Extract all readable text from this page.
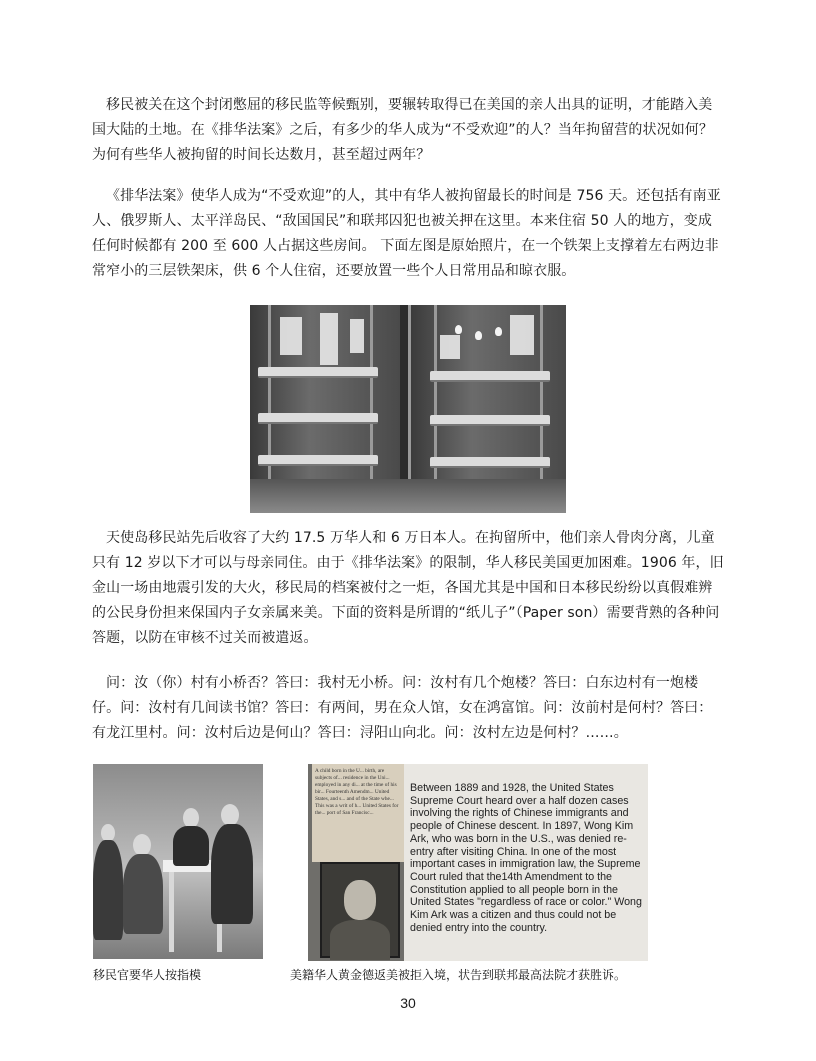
移民被关在这个封闭憋屈的移民监等候甄别，要辗转取得已在美国的亲人出具的证明，才能踏入美国大陆的土地。在《排华法案》之后，有多少的华人成为“不受欢迎”的人？当年拘留营的状况如何？为何有些华人被拘留的时间长达数月，甚至超过两年？

《排华法案》使华人成为“不受欢迎”的人，其中有华人被拘留最长的时间是 756 天。还包括有南亚人、俄罗斯人、太平洋岛民、“敌国国民”和联邦囚犯也被关押在这里。本来住宿 50 人的地方，变成任何时候都有 200 至 600 人占据这些房间。 下面左图是原始照片，在一个铁架上支撑着左右两边非常窄小的三层铁架床，供 6 个人住宿，还要放置一些个人日常用品和晾衣服。

天使岛移民站先后收容了大约 17.5 万华人和 6 万日本人。在拘留所中，他们亲人骨肉分离，儿童只有 12 岁以下才可以与母亲同住。由于《排华法案》的限制，华人移民美国更加困难。1906 年，旧金山一场由地震引发的大火，移民局的档案被付之一炬，各国尤其是中国和日本移民纷纷以真假难辨的公民身份担来保国内子女亲属来美。下面的资料是所谓的“纸儿子”（Paper son）需要背熟的各种问答题，以防在审核不过关而被遣返。

问：汝（你）村有小桥否？答曰：我村无小桥。问：汝村有几个炮楼？答曰：白东边村有一炮楼仔。问：汝村有几间读书馆？答曰：有两间，男在众人馆，女在鸿富馆。问：汝前村是何村？答曰：有龙江里村。问：汝村后边是何山？答曰：浔阳山向北。问：汝村左边是何村？……。

A child born in the U... birth, are subjects of... residence in the Uni... employed in any di... at the time of his bir... Fourteenth Amendm... United States, and s... and of the State whe... This was a writ of h... United States for the... port of San Francisc...

Between 1889 and 1928, the United States Supreme Court heard over a half dozen cases involving the rights of Chinese immigrants and people of Chinese descent. In 1897, Wong Kim Ark, who was born in the U.S., was denied re-entry after visiting China. In one of the most important cases in immigration law, the Supreme Court ruled that the14th Amendment to the Constitution applied to all people born in the United States "regardless of race or color." Wong Kim Ark was a citizen and thus could not be denied entry into the country.

移民官要华人按指模	美籍华人黄金德返美被拒入境，状告到联邦最高法院才获胜诉。

30
